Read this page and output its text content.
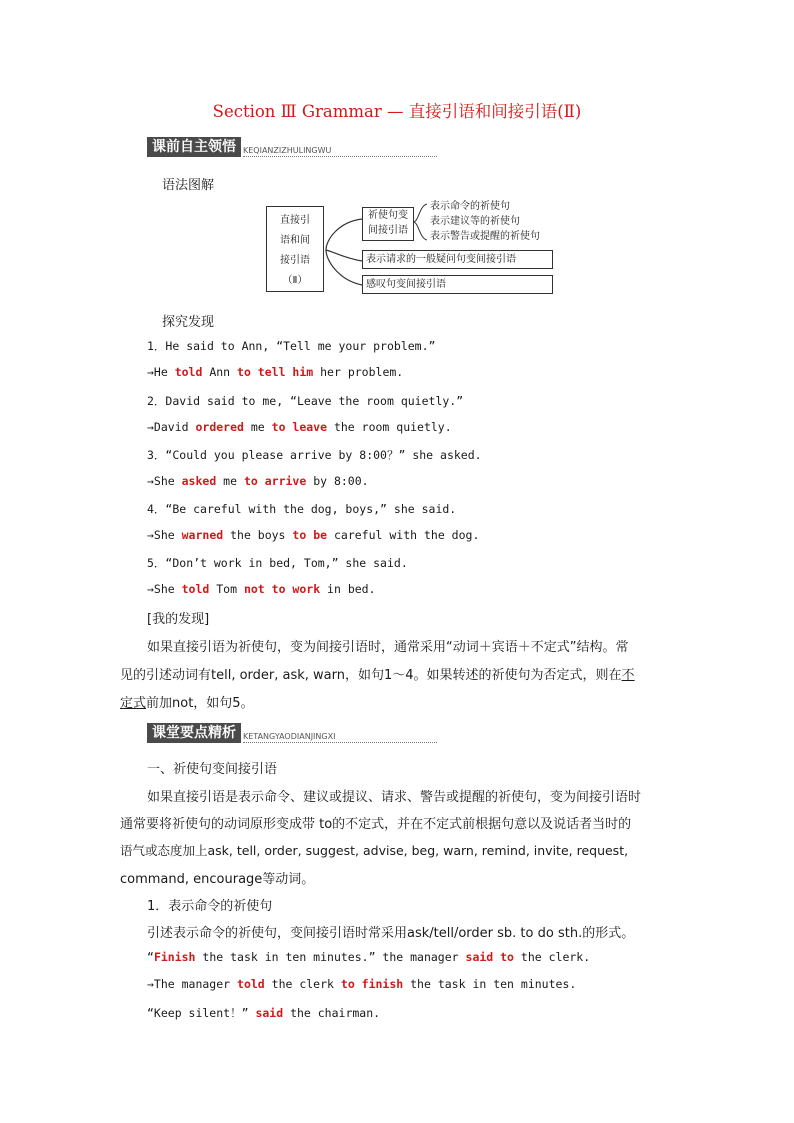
Section Ⅲ Grammar — 直接引语和间接引语(Ⅱ)
课前自主领悟 KEQIANZIZHULINGWU
语法图解
直接引
语和间
接引语
（Ⅱ）
祈使句变
间接引语
表示命令的祈使句
表示建议等的祈使句
表示警告或提醒的祈使句
表示请求的一般疑问句变间接引语
感叹句变间接引语
探究发现
1．He said to Ann, “Tell me your problem.”
→He told Ann to tell him her problem.
2．David said to me, “Leave the room quietly.”
→David ordered me to leave the room quietly.
3．“Could you please arrive by 8:00？” she asked.
→She asked me to arrive by 8:00.
4．“Be careful with the dog, boys,” she said.
→She warned the boys to be careful with the dog.
5．“Don’t work in bed, Tom,” she said.
→She told Tom not to work in bed.
[我的发现]
如果直接引语为祈使句，变为间接引语时，通常采用“动词＋宾语＋不定式”结构。常
见的引述动词有tell, order, ask, warn，如句1～4。如果转述的祈使句为否定式，则在不
定式前加not，如句5。
课堂要点精析 KETANGYAODIANJINGXI
一、祈使句变间接引语
如果直接引语是表示命令、建议或提议、请求、警告或提醒的祈使句，变为间接引语时
通常要将祈使句的动词原形变成带 to的不定式，并在不定式前根据句意以及说话者当时的
语气或态度加上ask, tell, order, suggest, advise, beg, warn, remind, invite, request,
command, encourage等动词。
1．表示命令的祈使句
引述表示命令的祈使句，变间接引语时常采用ask/tell/order sb. to do sth.的形式。
“Finish the task in ten minutes.” the manager said to the clerk.
→The manager told the clerk to finish the task in ten minutes.
“Keep silent！” said the chairman.
